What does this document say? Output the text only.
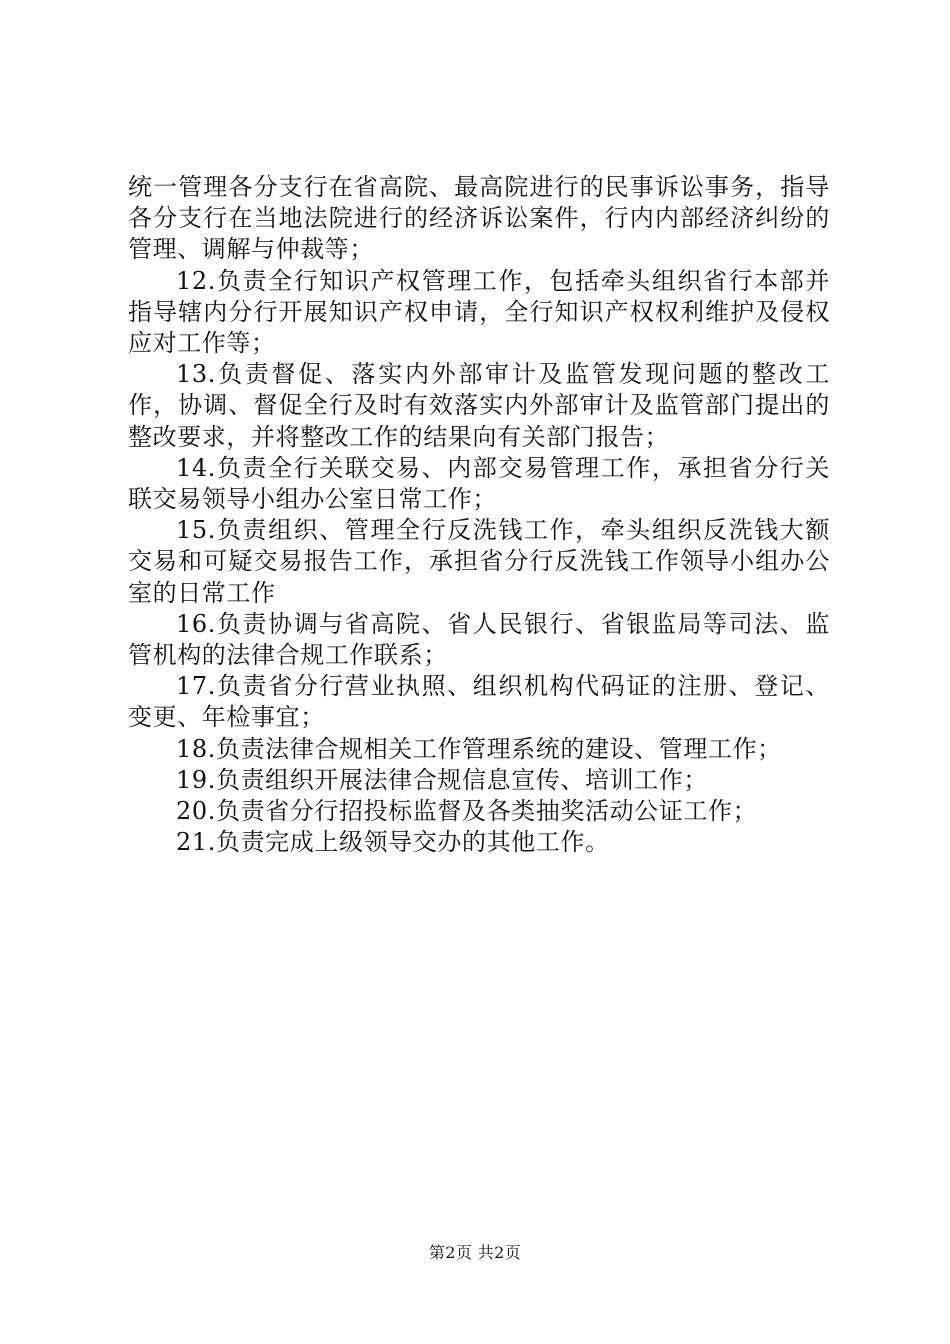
统一管理各分支行在省高院、最高院进行的民事诉讼事务，指导各分支行在当地法院进行的经济诉讼案件，行内内部经济纠纷的管理、调解与仲裁等；

12.负责全行知识产权管理工作，包括牵头组织省行本部并指导辖内分行开展知识产权申请，全行知识产权权利维护及侵权应对工作等；

13.负责督促、落实内外部审计及监管发现问题的整改工作，协调、督促全行及时有效落实内外部审计及监管部门提出的整改要求，并将整改工作的结果向有关部门报告；

14.负责全行关联交易、内部交易管理工作，承担省分行关联交易领导小组办公室日常工作；

15.负责组织、管理全行反洗钱工作，牵头组织反洗钱大额交易和可疑交易报告工作，承担省分行反洗钱工作领导小组办公室的日常工作

16.负责协调与省高院、省人民银行、省银监局等司法、监管机构的法律合规工作联系；

17.负责省分行营业执照、组织机构代码证的注册、登记、变更、年检事宜；

18.负责法律合规相关工作管理系统的建设、管理工作；

19.负责组织开展法律合规信息宣传、培训工作；

20.负责省分行招投标监督及各类抽奖活动公证工作；

21.负责完成上级领导交办的其他工作。

第2页 共2页
